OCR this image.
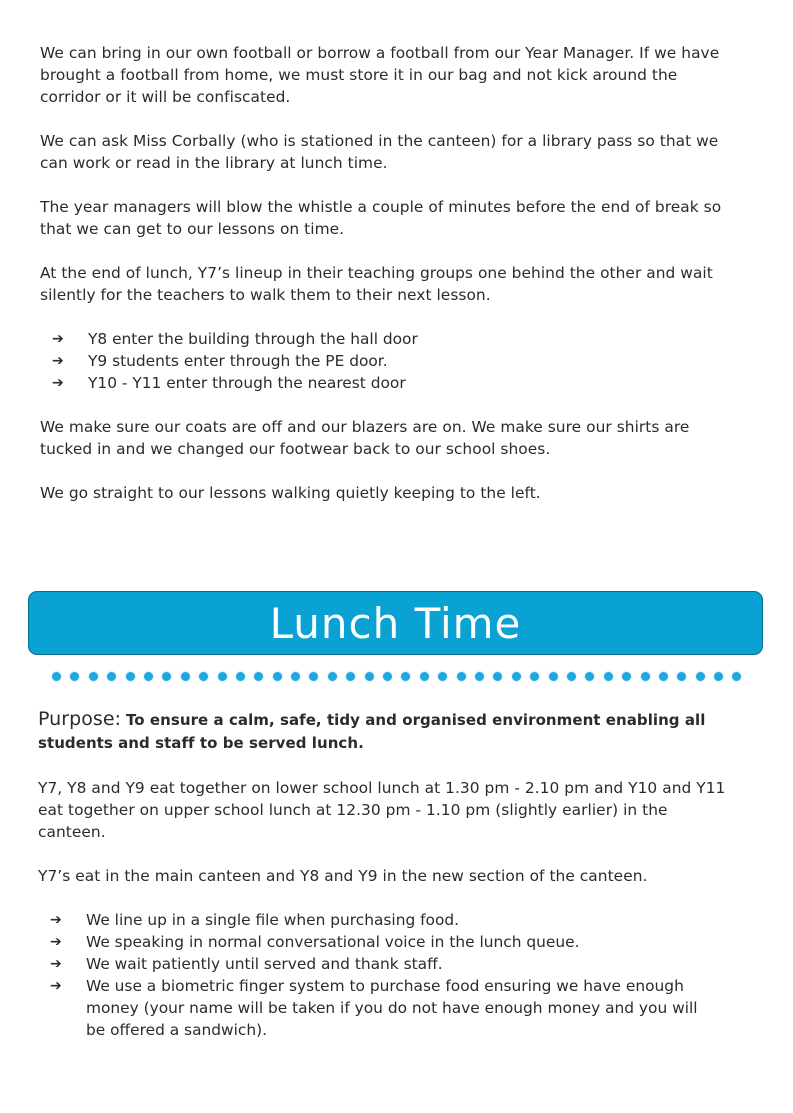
We can bring in our own football or borrow a football from our Year Manager. If we have
brought a football from home, we must store it in our bag and not kick around the
corridor or it will be confiscated.

We can ask Miss Corbally (who is stationed in the canteen) for a library pass so that we
can work or read in the library at lunch time.

The year managers will blow the whistle a couple of minutes before the end of break so
that we can get to our lessons on time.

At the end of lunch, Y7’s lineup in their teaching groups one behind the other and wait
silently for the teachers to walk them to their next lesson.

➔ Y8 enter the building through the hall door
➔ Y9 students enter through the PE door.
➔ Y10 - Y11 enter through the nearest door

We make sure our coats are off and our blazers are on. We make sure our shirts are
tucked in and we changed our footwear back to our school shoes.

We go straight to our lessons walking quietly keeping to the left.

Lunch Time

Purpose: To ensure a calm, safe, tidy and organised environment enabling all
students and staff to be served lunch.

Y7, Y8 and Y9 eat together on lower school lunch at 1.30 pm - 2.10 pm and Y10 and Y11
eat together on upper school lunch at 12.30 pm - 1.10 pm (slightly earlier) in the
canteen.

Y7’s eat in the main canteen and Y8 and Y9 in the new section of the canteen.

➔ We line up in a single file when purchasing food.
➔ We speaking in normal conversational voice in the lunch queue.
➔ We wait patiently until served and thank staff.
➔ We use a biometric finger system to purchase food ensuring we have enough
money (your name will be taken if you do not have enough money and you will
be offered a sandwich).
